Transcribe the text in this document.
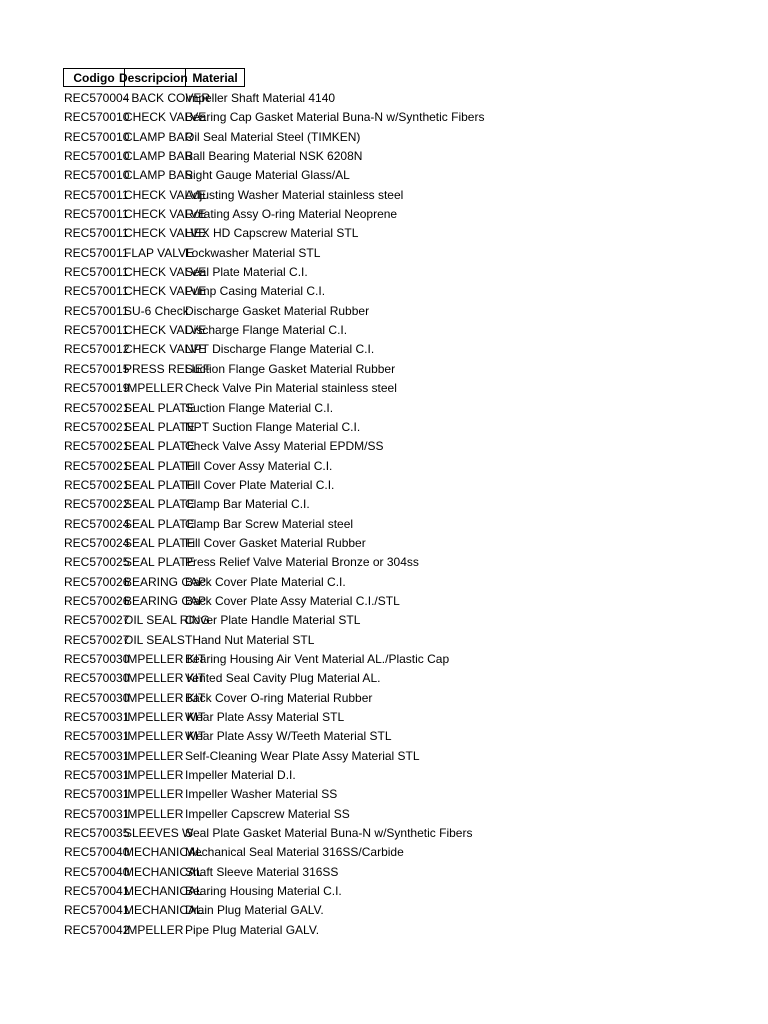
Codigo Descripcion Material
REC570004
- BACK COVER
Impeller Shaft Material 4140
REC570010
CHECK VALVE
Bearing Cap Gasket Material Buna-N w/Synthetic Fibers
REC570010
CLAMP BAR
Oil Seal Material Steel (TIMKEN)
REC570010
CLAMP BAR
Ball Bearing Material NSK 6208N
REC570010
CLAMP BAR
Sight Gauge Material Glass/AL
REC570011
CHECK VALVE
Adjusting Washer Material stainless steel
REC570011
CHECK VALVE
Rotating Assy O-ring Material Neoprene
REC570011
CHECK VALVE
HEX HD Capscrew Material STL
REC570011
FLAP VALVE
Lockwasher Material STL
REC570011
CHECK VALVE
Seal Plate Material C.I.
REC570011
CHECK VALVE
Pump Casing Material C.I.
REC570011
SU-6 Check
Discharge Gasket Material Rubber
REC570011
CHECK VALVE
Discharge Flange Material C.I.
REC570012
CHECK VALVE
NPT Discharge Flange Material C.I.
REC570015
PRESS RELIEF
Suction Flange Gasket Material Rubber
REC570019
IMPELLER Check Valve Pin Material stainless steel
REC570021
SEAL PLATE
Suction Flange Material C.I.
REC570021
SEAL PLATE
NPT Suction Flange Material C.I.
REC570021
SEAL PLATE
Check Valve Assy Material EPDM/SS
REC570021
SEAL PLATE
Fill Cover Assy Material C.I.
REC570021
SEAL PLATE
Fill Cover Plate Material C.I.
REC570022
SEAL PLATE
Clamp Bar Material C.I.
REC570024
SEAL PLATE
Clamp Bar Screw Material steel
REC570024
SEAL PLATE
Fill Cover Gasket Material Rubber
REC570025
SEAL PLATE
Press Relief Valve Material Bronze or 304ss
REC570026
BEARING CAP
Back Cover Plate Material C.I.
REC570026
BEARING CAP
Back Cover Plate Assy Material C.I./STL
REC570027
OIL SEAL RING
Cover Plate Handle Material STL
REC570027
OIL SEALS THand Nut Material STL
REC570030
IMPELLER KIT
Bearing Housing Air Vent Material AL./Plastic Cap
REC570030
IMPELLER KIT
Vented Seal Cavity Plug Material AL.
REC570030
IMPELLER KIT
Back Cover O-ring Material Rubber
REC570031
IMPELLER KIT
Wear Plate Assy Material STL
REC570031
IMPELLER KIT
Wear Plate Assy W/Teeth Material STL
REC570031
IMPELLER Self-Cleaning Wear Plate Assy Material STL
REC570031
IMPELLER Impeller Material D.I.
REC570031
IMPELLER Impeller Washer Material SS
REC570031
IMPELLER Impeller Capscrew Material SS
REC570035
SLEEVES W
Seal Plate Gasket Material Buna-N w/Synthetic Fibers
REC570040
MECHANICAL
Mechanical Seal Material 316SS/Carbide
REC570040
MECHANICAL
Shaft Sleeve Material 316SS
REC570041
MECHANICAL
Bearing Housing Material C.I.
REC570041
MECHANICAL
Drain Plug Material GALV.
REC570042
IMPELLER Pipe Plug Material GALV.
